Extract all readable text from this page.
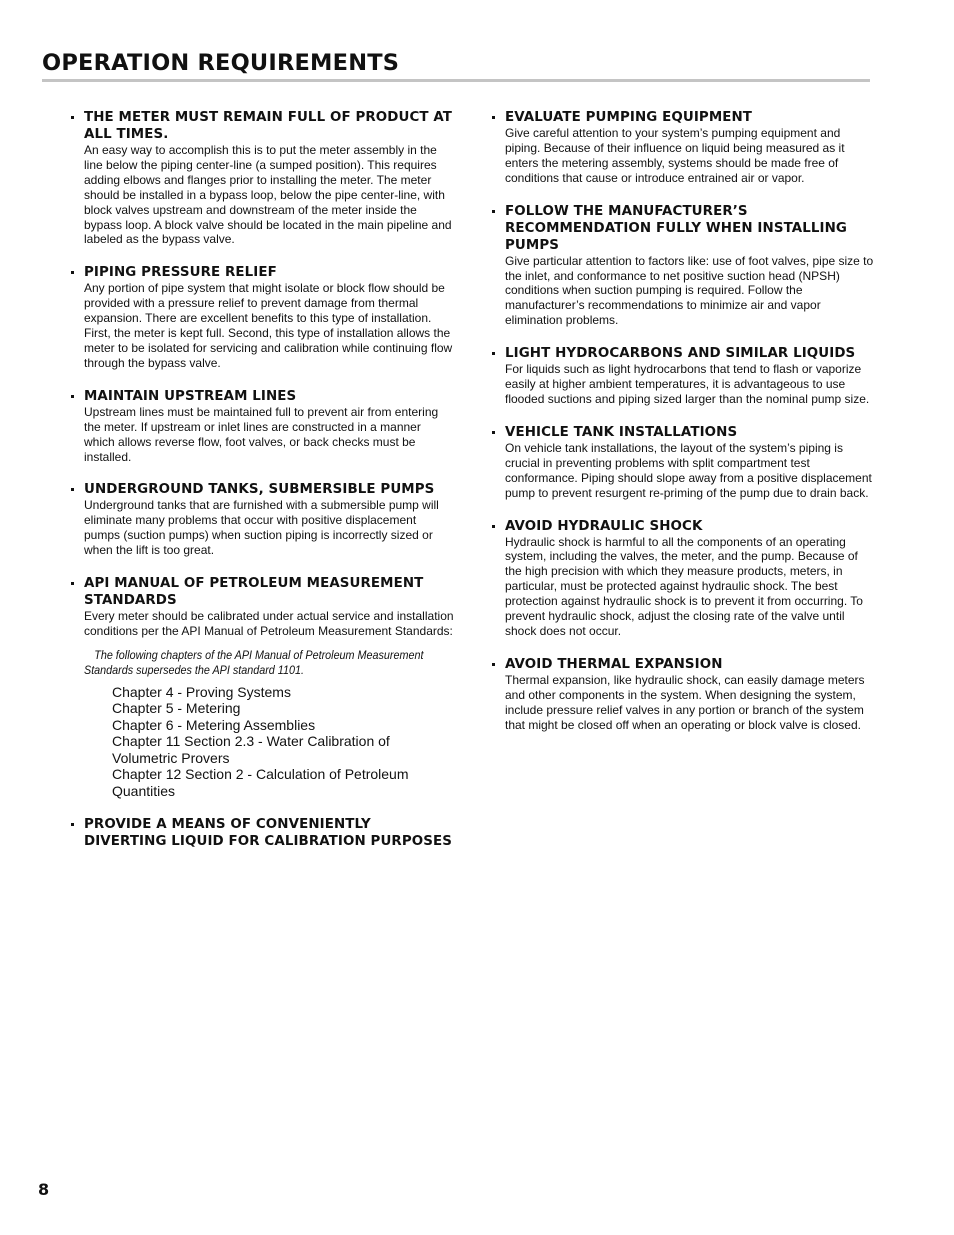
OPERATION REQUIREMENTS
THE METER MUST REMAIN FULL OF PRODUCT AT ALL TIMES.

An easy way to accomplish this is to put the meter assembly in the line below the piping center-line (a sumped position). This requires adding elbows and flanges prior to installing the meter. The meter should be installed in a bypass loop, below the pipe center-line, with block valves upstream and downstream of the meter inside the bypass loop. A block valve should be located in the main pipeline and labeled as the bypass valve.

PIPING PRESSURE RELIEF

Any portion of pipe system that might isolate or block flow should be provided with a pressure relief to prevent damage from thermal expansion. There are excellent benefits to this type of installation. First, the meter is kept full. Second, this type of installation allows the meter to be isolated for servicing and calibration while continuing flow through the bypass valve.

MAINTAIN UPSTREAM LINES

Upstream lines must be maintained full to prevent air from entering the meter. If upstream or inlet lines are constructed in a manner which allows reverse flow, foot valves, or back checks must be installed.

UNDERGROUND TANKS, SUBMERSIBLE PUMPS

Underground tanks that are furnished with a submersible pump will eliminate many problems that occur with positive displacement pumps (suction pumps) when suction piping is incorrectly sized or when the lift is too great.

API MANUAL OF PETROLEUM MEASUREMENT STANDARDS

Every meter should be calibrated under actual service and installation conditions per the API Manual of Petroleum Measurement Standards:

The following chapters of the API Manual of Petroleum Measurement Standards supersedes the API standard 1101.

Chapter 4 - Proving Systems
Chapter 5 - Metering
Chapter 6 - Metering Assemblies
Chapter 11 Section 2.3 - Water Calibration of Volumetric Provers
Chapter 12 Section 2 - Calculation of Petroleum Quantities
PROVIDE A MEANS OF CONVENIENTLY DIVERTING LIQUID FOR CALIBRATION PURPOSES
EVALUATE PUMPING EQUIPMENT

Give careful attention to your system’s pumping equipment and piping. Because of their influence on liquid being measured as it enters the metering assembly, systems should be made free of conditions that cause or introduce entrained air or vapor.

FOLLOW THE MANUFACTURER’S RECOMMENDATION FULLY WHEN INSTALLING PUMPS

Give particular attention to factors like: use of foot valves, pipe size to the inlet, and conformance to net positive suction head (NPSH) conditions when suction pumping is required. Follow the manufacturer’s recommendations to minimize air and vapor elimination problems.

LIGHT HYDROCARBONS AND SIMILAR LIQUIDS

For liquids such as light hydrocarbons that tend to flash or vaporize easily at higher ambient temperatures, it is advantageous to use flooded suctions and piping sized larger than the nominal pump size.

VEHICLE TANK INSTALLATIONS

On vehicle tank installations, the layout of the system’s piping is crucial in preventing problems with split compartment test conformance. Piping should slope away from a positive displacement pump to prevent resurgent re-priming of the pump due to drain back.

AVOID HYDRAULIC SHOCK

Hydraulic shock is harmful to all the components of an operating system, including the valves, the meter, and the pump. Because of the high precision with which they measure products, meters, in particular, must be protected against hydraulic shock. The best protection against hydraulic shock is to prevent it from occurring. To prevent hydraulic shock, adjust the closing rate of the valve until shock does not occur.

AVOID THERMAL EXPANSION

Thermal expansion, like hydraulic shock, can easily damage meters and other components in the system. When designing the system, include pressure relief valves in any portion or branch of the system that might be closed off when an operating or block valve is closed.

8
